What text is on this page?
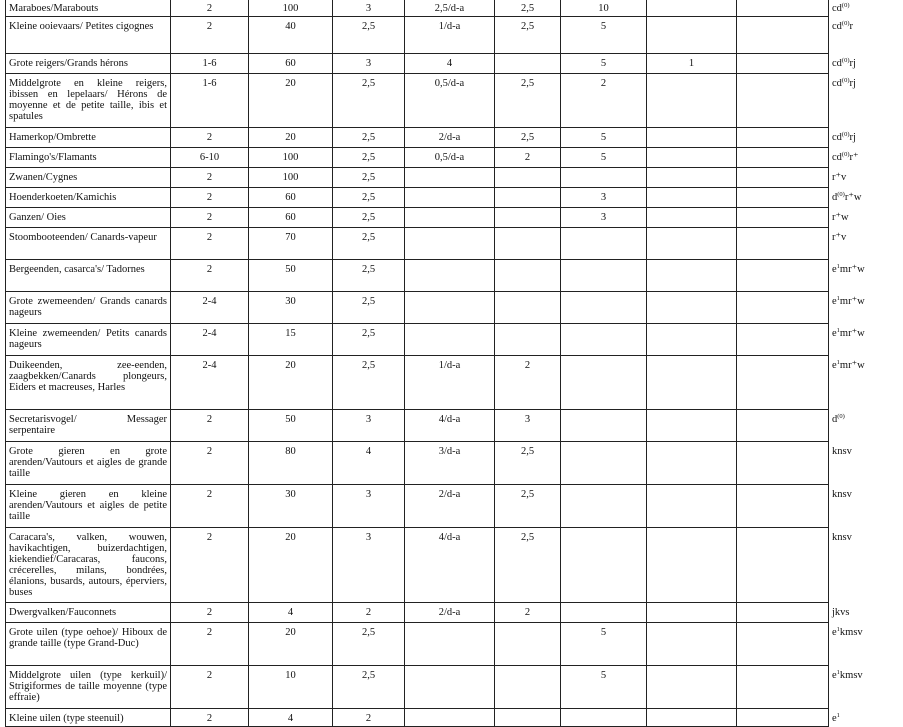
Maraboes/Marabouts	2	100	3	2,5/d-a	2,5	10			$cd^{(0)}$
Kleine ooievaars/ Petites cigognes	2	40	2,5	1/d-a	2,5	5			$cd^{(0)}r$
Grote reigers/Grands hérons	1-6	60	3	4		5	1		$cd^{(0)}rj$
Middelgrote en kleine reigers, ibissen en lepelaars/ Hérons de moyenne et de petite taille, ibis et spatules	1-6	20	2,5	0,5/d-a	2,5	2			$cd^{(0)}rj$
Hamerkop/Ombrette	2	20	2,5	2/d-a	2,5	5			$cd^{(0)}rj$
Flamingo's/Flamants	6-10	100	2,5	0,5/d-a	2	5			$cd^{(0)}r^+$
Zwanen/Cygnes	2	100	2,5						r⁺v
Hoenderkoeten/Kamichis	2	60	2,5			3			$d^{(0)}r^+w$
Ganzen/ Oies	2	60	2,5			3			r⁺w
Stoombooteenden/ Canards-vapeur	2	70	2,5						r⁺v
Bergeenden, casarca's/ Tadornes	2	50	2,5						$e^1mr^+w$
Grote zwemeenden/ Grands canards nageurs	2-4	30	2,5						$e^1mr^+w$
Kleine zwemeenden/ Petits canards nageurs	2-4	15	2,5						$e^1mr^+w$
Duikeenden, zee-eenden, zaagbekken/Canards plongeurs, Eiders et macreuses, Harles	2-4	20	2,5	1/d-a	2				$e^1mr^+w$
Secretarisvogel/ Messager serpentaire	2	50	3	4/d-a	3				$d^{(0)}$
Grote gieren en grote arenden/Vautours et aigles de grande taille	2	80	4	3/d-a	2,5				knsv
Kleine gieren en kleine arenden/Vautours et aigles de petite taille	2	30	3	2/d-a	2,5				knsv
Caracara's, valken, wouwen, havikachtigen, buizerdachtigen, kiekendief/Caracaras, faucons, crécerelles, milans, bondrées, élanions, busards, autours, éperviers, buses	2	20	3	4/d-a	2,5				knsv
Dwergvalken/Fauconnets	2	4	2	2/d-a	2				jkvs
Grote uilen (type oehoe)/ Hiboux de grande taille (type Grand-Duc)	2	20	2,5			5			$e^1kmsv$
Middelgrote uilen (type kerkuil)/ Strigiformes de taille moyenne (type effraie)	2	10	2,5			5			$e^1kmsv$
Kleine uilen (type steenuil)	2	4	2						$e^1$
